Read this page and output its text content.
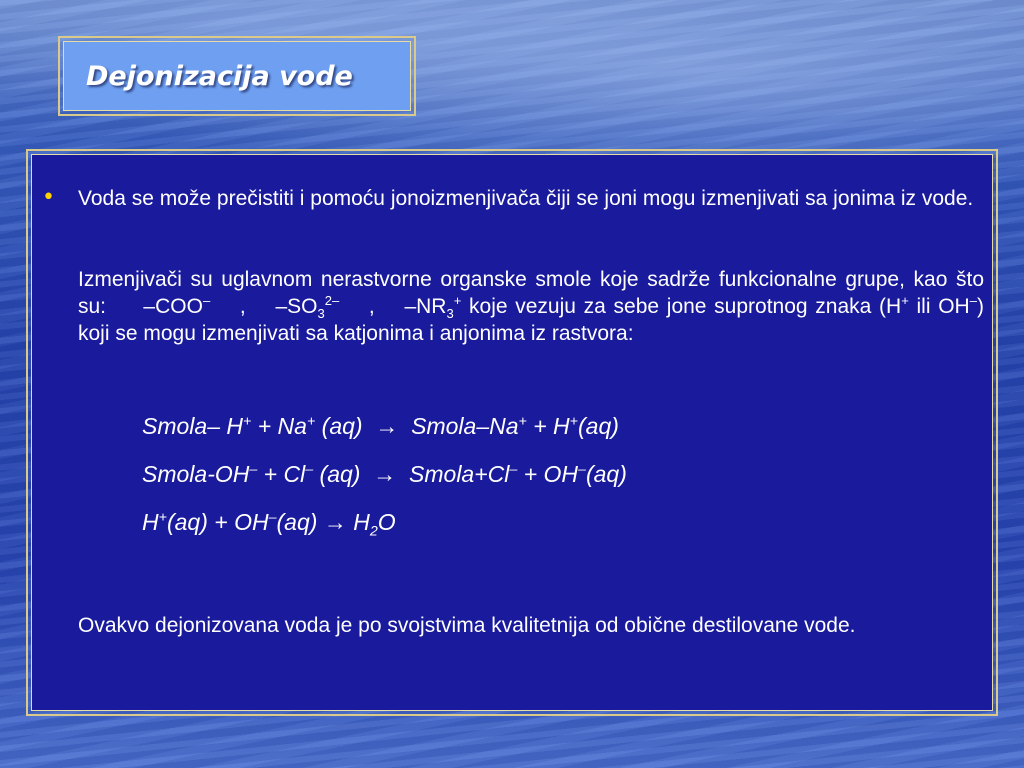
Dejonizacija vode
• Voda se može prečistiti i pomoću jonoizmenjivača čiji se joni mogu izmenjivati sa jonima iz vode.
Izmenjivači su uglavnom nerastvorne organske smole koje sadrže funkcionalne grupe, kao što su: –COO– , $-SO_3^{2-}$ , $-NR_3^+$ koje vezuju za sebe jone suprotnog znaka (H+ ili OH–) koji se mogu izmenjivati sa katjonima i anjonima iz rastvora:
Smola– H+ + Na+ (aq) → Smola–Na+ + H+(aq)
Smola-OH– + Cl– (aq) → Smola+Cl– + OH–(aq)
$H^+(aq) + OH^-(aq) \to H_2O$
Ovakvo dejonizovana voda je po svojstvima kvalitetnija od obične destilovane vode.
